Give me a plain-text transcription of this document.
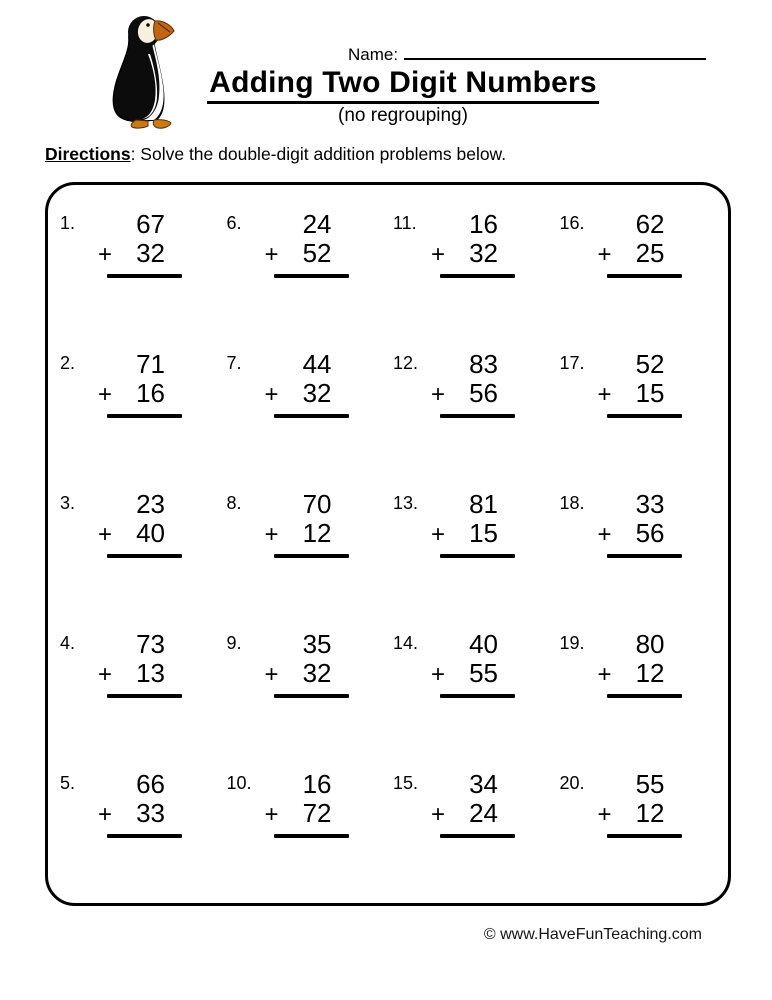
Name:
Adding Two Digit Numbers
(no regrouping)
Directions: Solve the double-digit addition problems below.
1.	67
+ 32
6.	24
+ 52
11.	16
+ 32
16.	62
+ 25
2.	71
+ 16
7.	44
+ 32
12.	83
+ 56
17.	52
+ 15
3.	23
+ 40
8.	70
+ 12
13.	81
+ 15
18.	33
+ 56
4.	73
+ 13
9.	35
+ 32
14.	40
+ 55
19.	80
+ 12
5.	66
+ 33
10.	16
+ 72
15.	34
+ 24
20.	55
+ 12
© www.HaveFunTeaching.com
